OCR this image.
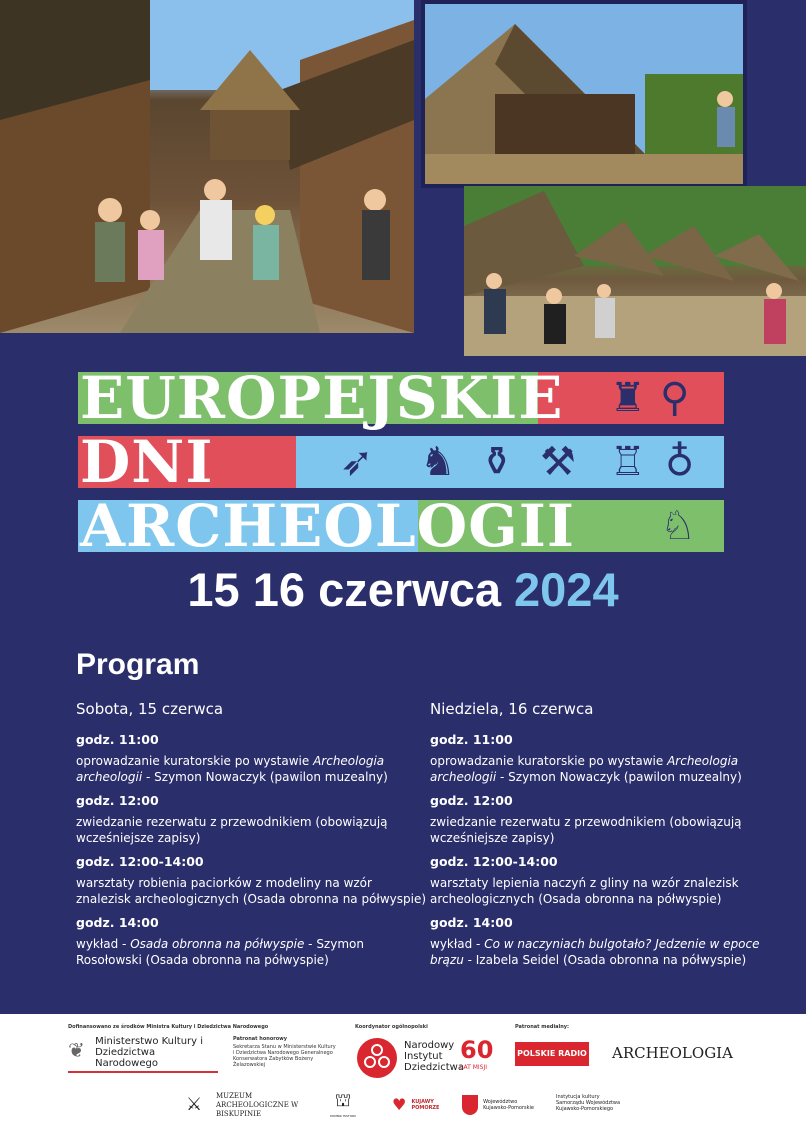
EUROPEJSKIE
DNI
ARCHEOLOGII
♜ ⚲
➶ ♞ ⚱ ⚒ ♖ ♁
♘
15 16 czerwca 2024
Program
Sobota, 15 czerwca
godz. 11:00
oprowadzanie kuratorskie po wystawie Archeologia archeologii - Szymon Nowaczyk (pawilon muzealny)
godz. 12:00
zwiedzanie rezerwatu z przewodnikiem (obowiązują wcześniejsze zapisy)
godz. 12:00-14:00
warsztaty robienia paciorków z modeliny na wzór znalezisk archeologicznych (Osada obronna na półwyspie)
godz. 14:00
wykład - Osada obronna na półwyspie - Szymon Rosołowski (Osada obronna na półwyspie)
Niedziela, 16 czerwca
godz. 11:00
oprowadzanie kuratorskie po wystawie Archeologia archeologii - Szymon Nowaczyk (pawilon muzealny)
godz. 12:00
zwiedzanie rezerwatu z przewodnikiem (obowiązują wcześniejsze zapisy)
godz. 12:00-14:00
warsztaty lepienia naczyń z gliny na wzór znalezisk archeologicznych (Osada obronna na półwyspie)
godz. 14:00
wykład - Co w naczyniach bulgotało? Jedzenie w epoce brązu - Izabela Seidel (Osada obronna na półwyspie)
Dofinansowano ze środków Ministra Kultury i Dziedzictwa Narodowego
❦ Ministerstwo Kultury i Dziedzictwa Narodowego
Patronat honorowy
Sekretarza Stanu w Ministerstwie Kultury i Dziedzictwa Narodowego Generalnego Konserwatora Zabytków Bożeny Żelazowskiej
Koordynator ogólnopolski
Narodowy Instytut Dziedzictwa
60
LAT MISJI
Patronat medialny:
POLSKIE RADIO ARCHEOLOGIA
⚔ MUZEUM ARCHEOLOGICZNE W BISKUPINIE
⛫
POMNIK HISTORII
♥ KUJAWY POMORZE
Województwo Kujawsko-Pomorskie
Instytucja kultury Samorządu Województwa Kujawsko-Pomorskiego
